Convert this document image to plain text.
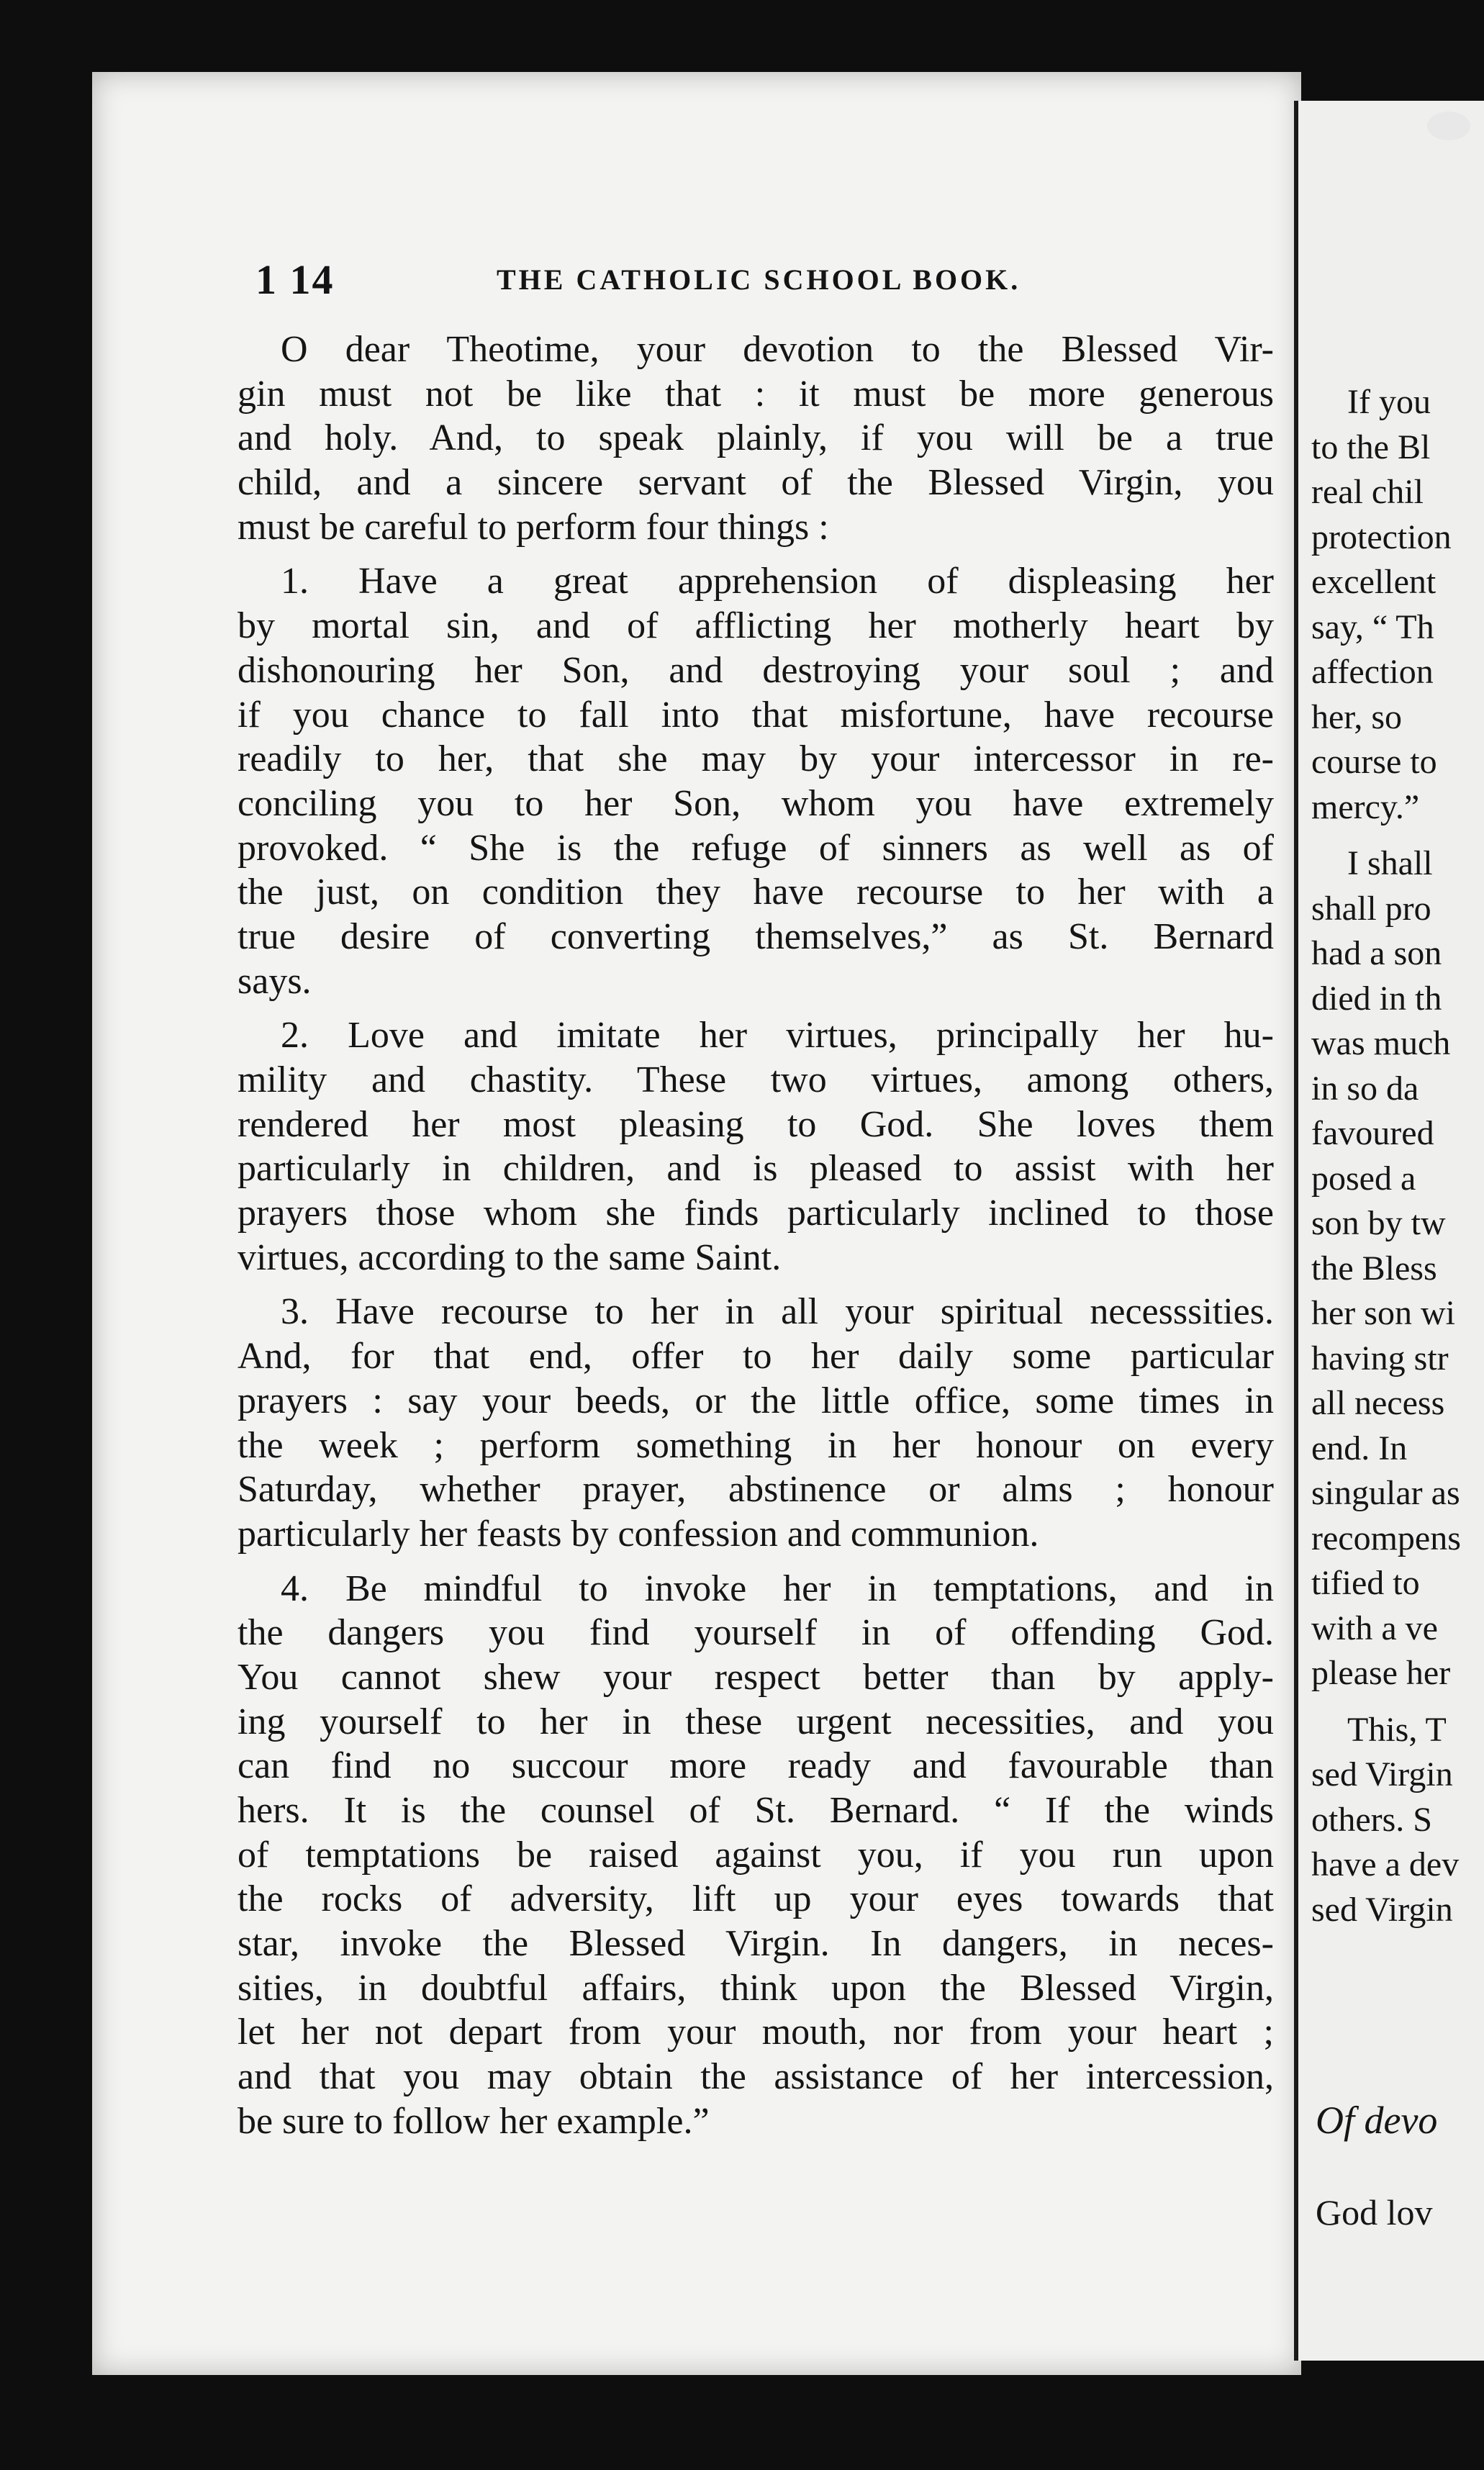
1 14	THE CATHOLIC SCHOOL BOOK.
O dear Theotime, your devotion to the Blessed Vir-
gin must not be like that : it must be more generous
and holy. And, to speak plainly, if you will be a true
child, and a sincere servant of the Blessed Virgin, you
must be careful to perform four things :
1. Have a great apprehension of displeasing her
by mortal sin, and of afflicting her motherly heart by
dishonouring her Son, and destroying your soul ; and
if you chance to fall into that misfortune, have recourse
readily to her, that she may by your intercessor in re-
conciling you to her Son, whom you have extremely
provoked. “ She is the refuge of sinners as well as of
the just, on condition they have recourse to her with a
true desire of converting themselves,” as St. Bernard
says.
2. Love and imitate her virtues, principally her hu-
mility and chastity. These two virtues, among others,
rendered her most pleasing to God. She loves them
particularly in children, and is pleased to assist with her
prayers those whom she finds particularly inclined to those
virtues, according to the same Saint.
3. Have recourse to her in all your spiritual necesssities.
And, for that end, offer to her daily some particular
prayers : say your beeds, or the little office, some times in
the week ; perform something in her honour on every
Saturday, whether prayer, abstinence or alms ; honour
particularly her feasts by confession and communion.
4. Be mindful to invoke her in temptations, and in
the dangers you find yourself in of offending God.
You cannot shew your respect better than by apply-
ing yourself to her in these urgent necessities, and you
can find no succour more ready and favourable than
hers. It is the counsel of St. Bernard. “ If the winds
of temptations be raised against you, if you run upon
the rocks of adversity, lift up your eyes towards that
star, invoke the Blessed Virgin. In dangers, in neces-
sities, in doubtful affairs, think upon the Blessed Virgin,
let her not depart from your mouth, nor from your heart ;
and that you may obtain the assistance of her intercession,
be sure to follow her example.”
If you
to the Bl
real chil
protection
excellent
say, “ Th
affection
her, so
course to
mercy.”
I shall
shall pro
had a son
died in th
was much
in so da
favoured
posed a
son by tw
the Bless
her son wi
having str
all necess
end. In
singular as
recompens
tified to
with a ve
please her
This, T
sed Virgin
others. S
have a dev
sed Virgin
Of devo
God lov
